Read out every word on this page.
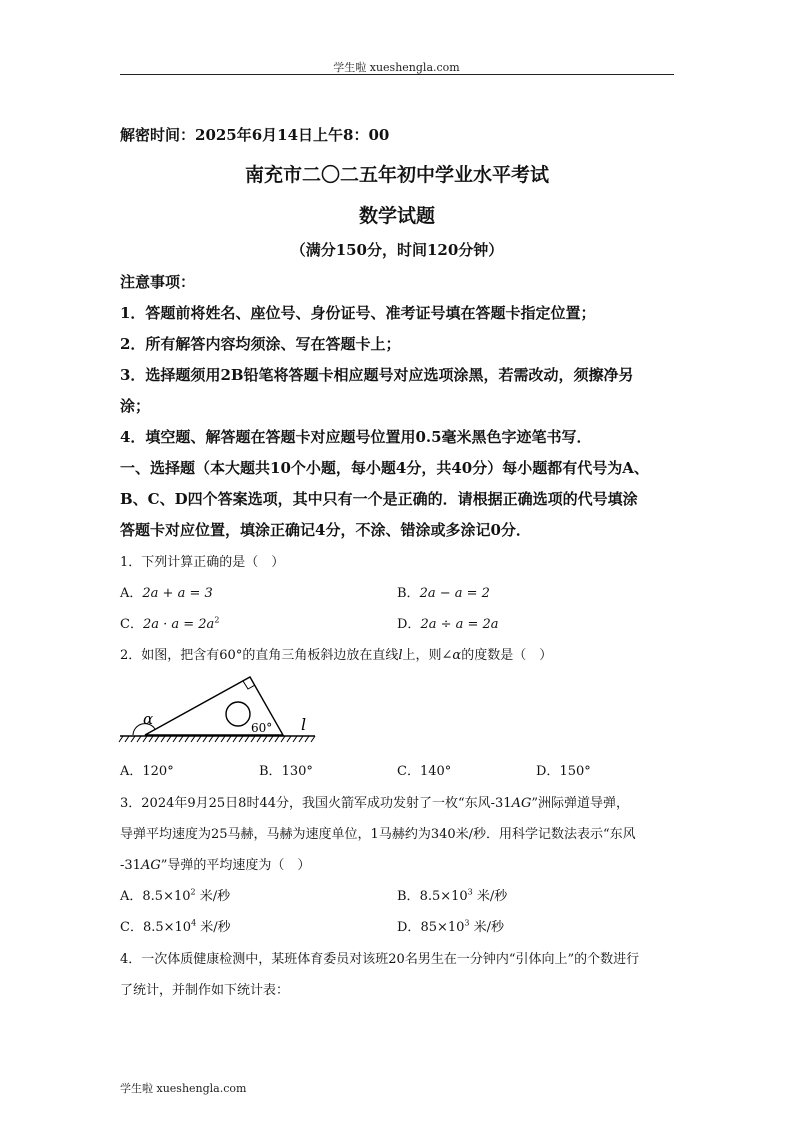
学生啦 xueshengla.com
解密时间：2025年6月14日上午8：00
南充市二〇二五年初中学业水平考试
数学试题
（满分150分，时间120分钟）
注意事项：
1．答题前将姓名、座位号、身份证号、准考证号填在答题卡指定位置；
2．所有解答内容均须涂、写在答题卡上；
3．选择题须用2B铅笔将答题卡相应题号对应选项涂黑，若需改动，须擦净另
涂；
4．填空题、解答题在答题卡对应题号位置用0.5毫米黑色字迹笔书写．
一、选择题（本大题共10个小题，每小题4分，共40分）每小题都有代号为A、
B、C、D四个答案选项，其中只有一个是正确的．请根据正确选项的代号填涂
答题卡对应位置，填涂正确记4分，不涂、错涂或多涂记0分．
1．下列计算正确的是（　）
A．2a + a = 3	B．2a − a = 2
C．$2a \cdot a = 2a^2$	D．2a ÷ a = 2a
2．如图，把含有60°的直角三角板斜边放在直线l上，则∠α的度数是（　）
α	60° l
A．120°	B．130°	C．140°	D．150°
3．2024年9月25日8时44分，我国火箭军成功发射了一枚“东风-31AG”洲际弹道导弹，
导弹平均速度为25马赫，马赫为速度单位，1马赫约为340米/秒．用科学记数法表示“东风
-31AG”导弹的平均速度为（　）
A．$8.5\times 10^2$ 米/秒	B．$8.5\times 10^3$ 米/秒
C．$8.5\times 10^4$ 米/秒	D．$85\times 10^3$ 米/秒
4．一次体质健康检测中，某班体育委员对该班20名男生在一分钟内“引体向上”的个数进行
了统计，并制作如下统计表：
学生啦 xueshengla.com
